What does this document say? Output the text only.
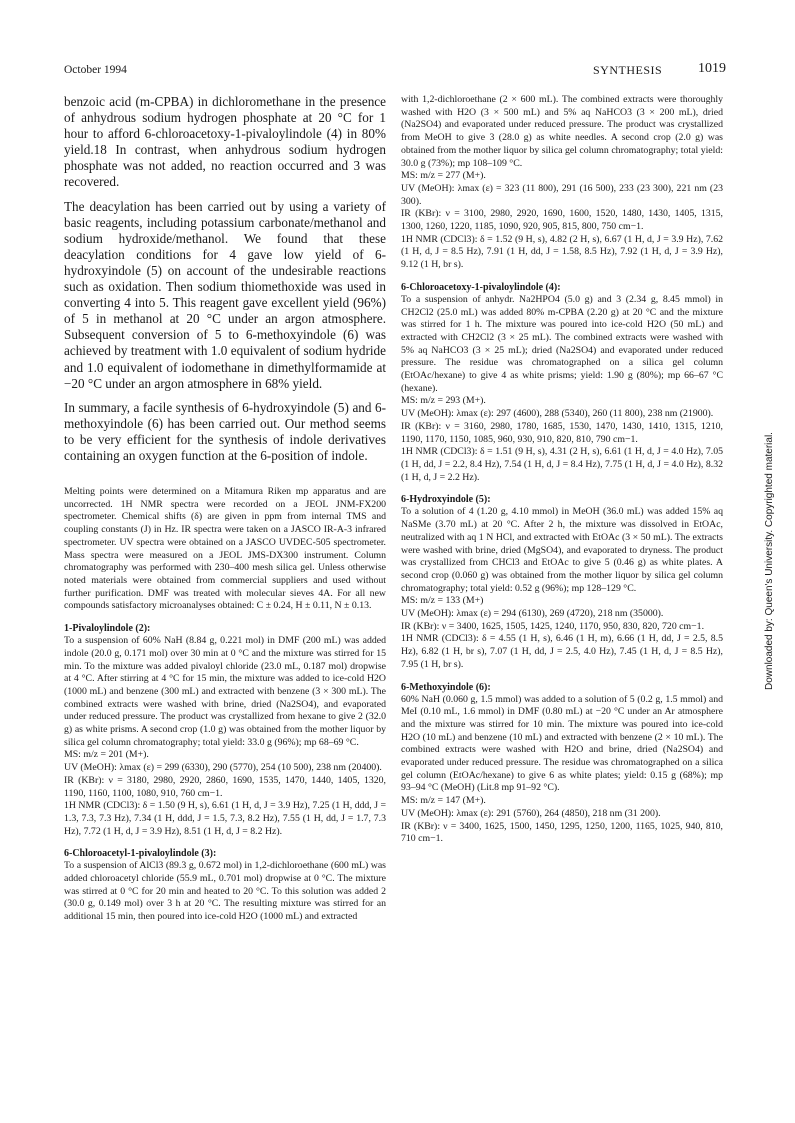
October 1994	SYNTHESIS	1019
Downloaded by: Queen's University. Copyrighted material.

benzoic acid (m-CPBA) in dichloromethane in the presence of anhydrous sodium hydrogen phosphate at 20 °C for 1 hour to afford 6-chloroacetoxy-1-pivaloylindole (4) in 80% yield.18 In contrast, when anhydrous sodium hydrogen phosphate was not added, no reaction occurred and 3 was recovered.

The deacylation has been carried out by using a variety of basic reagents, including potassium carbonate/methanol and sodium hydroxide/methanol. We found that these deacylation conditions for 4 gave low yield of 6-hydroxyindole (5) on account of the undesirable reactions such as oxidation. Then sodium thiomethoxide was used in converting 4 into 5. This reagent gave excellent yield (96%) of 5 in methanol at 20 °C under an argon atmosphere. Subsequent conversion of 5 to 6-methoxyindole (6) was achieved by treatment with 1.0 equivalent of sodium hydride and 1.0 equivalent of iodomethane in dimethylformamide at −20 °C under an argon atmosphere in 68% yield.

In summary, a facile synthesis of 6-hydroxyindole (5) and 6-methoxyindole (6) has been carried out. Our method seems to be very efficient for the synthesis of indole derivatives containing an oxygen function at the 6-position of indole.

Melting points were determined on a Mitamura Riken mp apparatus and are uncorrected. 1H NMR spectra were recorded on a JEOL JNM-FX200 spectrometer. Chemical shifts (δ) are given in ppm from internal TMS and coupling constants (J) in Hz. IR spectra were taken on a JASCO IR-A-3 infrared spectrometer. UV spectra were obtained on a JASCO UVDEC-505 spectrometer. Mass spectra were measured on a JEOL JMS-DX300 instrument. Column chromatography was performed with 230–400 mesh silica gel. Unless otherwise noted materials were obtained from commercial suppliers and used without further purification. DMF was treated with molecular sieves 4A. For all new compounds satisfactory microanalyses obtained: C ± 0.24, H ± 0.11, N ± 0.13.

1-Pivaloylindole (2):

To a suspension of 60% NaH (8.84 g, 0.221 mol) in DMF (200 mL) was added indole (20.0 g, 0.171 mol) over 30 min at 0 °C and the mixture was stirred for 15 min. To the mixture was added pivaloyl chloride (23.0 mL, 0.187 mol) dropwise at 4 °C. After stirring at 4 °C for 15 min, the mixture was added to ice-cold H2O (1000 mL) and benzene (300 mL) and extracted with benzene (3 × 300 mL). The combined extracts were washed with brine, dried (Na2SO4), and evaporated under reduced pressure. The product was crystallized from hexane to give 2 (32.0 g) as white prisms. A second crop (1.0 g) was obtained from the mother liquor by silica gel column chromatography; total yield: 33.0 g (96%); mp 68–69 °C.

MS: m/z = 201 (M+).
UV (MeOH): λmax (ε) = 299 (6330), 290 (5770), 254 (10 500), 238 nm (20400).
IR (KBr): ν = 3180, 2980, 2920, 2860, 1690, 1535, 1470, 1440, 1405, 1320, 1190, 1160, 1100, 1080, 910, 760 cm−1.
1H NMR (CDCl3): δ = 1.50 (9 H, s), 6.61 (1 H, d, J = 3.9 Hz), 7.25 (1 H, ddd, J = 1.3, 7.3, 7.3 Hz), 7.34 (1 H, ddd, J = 1.5, 7.3, 8.2 Hz), 7.55 (1 H, dd, J = 1.7, 7.3 Hz), 7.72 (1 H, d, J = 3.9 Hz), 8.51 (1 H, d, J = 8.2 Hz).
6-Chloroacetyl-1-pivaloylindole (3):

To a suspension of AlCl3 (89.3 g, 0.672 mol) in 1,2-dichloroethane (600 mL) was added chloroacetyl chloride (55.9 mL, 0.701 mol) dropwise at 0 °C. The mixture was stirred at 0 °C for 20 min and heated to 20 °C. To this solution was added 2 (30.0 g, 0.149 mol) over 3 h at 20 °C. The resulting mixture was stirred for an additional 15 min, then poured into ice-cold H2O (1000 mL) and extracted

with 1,2-dichloroethane (2 × 600 mL). The combined extracts were thoroughly washed with H2O (3 × 500 mL) and 5% aq NaHCO3 (3 × 200 mL), dried (Na2SO4) and evaporated under reduced pressure. The product was crystallized from MeOH to give 3 (28.0 g) as white needles. A second crop (2.0 g) was obtained from the mother liquor by silica gel column chromatography; total yield: 30.0 g (73%); mp 108–109 °C.

MS: m/z = 277 (M+).
UV (MeOH): λmax (ε) = 323 (11 800), 291 (16 500), 233 (23 300), 221 nm (23 300).
IR (KBr): ν = 3100, 2980, 2920, 1690, 1600, 1520, 1480, 1430, 1405, 1315, 1300, 1260, 1220, 1185, 1090, 920, 905, 815, 800, 750 cm−1.
1H NMR (CDCl3): δ = 1.52 (9 H, s), 4.82 (2 H, s), 6.67 (1 H, d, J = 3.9 Hz), 7.62 (1 H, d, J = 8.5 Hz), 7.91 (1 H, dd, J = 1.58, 8.5 Hz), 7.92 (1 H, d, J = 3.9 Hz), 9.12 (1 H, br s).
6-Chloroacetoxy-1-pivaloylindole (4):

To a suspension of anhydr. Na2HPO4 (5.0 g) and 3 (2.34 g, 8.45 mmol) in CH2Cl2 (25.0 mL) was added 80% m-CPBA (2.20 g) at 20 °C and the mixture was stirred for 1 h. The mixture was poured into ice-cold H2O (50 mL) and extracted with CH2Cl2 (3 × 25 mL). The combined extracts were washed with 5% aq NaHCO3 (3 × 25 mL); dried (Na2SO4) and evaporated under reduced pressure. The residue was chromatographed on a silica gel column (EtOAc/hexane) to give 4 as white prisms; yield: 1.90 g (80%); mp 66–67 °C (hexane).

MS: m/z = 293 (M+).
UV (MeOH): λmax (ε): 297 (4600), 288 (5340), 260 (11 800), 238 nm (21900).
IR (KBr): ν = 3160, 2980, 1780, 1685, 1530, 1470, 1430, 1410, 1315, 1210, 1190, 1170, 1150, 1085, 960, 930, 910, 820, 810, 790 cm−1.
1H NMR (CDCl3): δ = 1.51 (9 H, s), 4.31 (2 H, s), 6.61 (1 H, d, J = 4.0 Hz), 7.05 (1 H, dd, J = 2.2, 8.4 Hz), 7.54 (1 H, d, J = 8.4 Hz), 7.75 (1 H, d, J = 4.0 Hz), 8.32 (1 H, d, J = 2.2 Hz).
6-Hydroxyindole (5):

To a solution of 4 (1.20 g, 4.10 mmol) in MeOH (36.0 mL) was added 15% aq NaSMe (3.70 mL) at 20 °C. After 2 h, the mixture was dissolved in EtOAc, neutralized with aq 1 N HCl, and extracted with EtOAc (3 × 50 mL). The extracts were washed with brine, dried (MgSO4), and evaporated to dryness. The product was crystallized from CHCl3 and EtOAc to give 5 (0.46 g) as white plates. A second crop (0.060 g) was obtained from the mother liquor by silica gel column chromatography; total yield: 0.52 g (96%); mp 128–129 °C.

MS: m/z = 133 (M+)
UV (MeOH): λmax (ε) = 294 (6130), 269 (4720), 218 nm (35000).
IR (KBr): ν = 3400, 1625, 1505, 1425, 1240, 1170, 950, 830, 820, 720 cm−1.
1H NMR (CDCl3): δ = 4.55 (1 H, s), 6.46 (1 H, m), 6.66 (1 H, dd, J = 2.5, 8.5 Hz), 6.82 (1 H, br s), 7.07 (1 H, dd, J = 2.5, 4.0 Hz), 7.45 (1 H, d, J = 8.5 Hz), 7.95 (1 H, br s).
6-Methoxyindole (6):

60% NaH (0.060 g, 1.5 mmol) was added to a solution of 5 (0.2 g, 1.5 mmol) and MeI (0.10 mL, 1.6 mmol) in DMF (0.80 mL) at −20 °C under an Ar atmosphere and the mixture was stirred for 10 min. The mixture was poured into ice-cold H2O (10 mL) and benzene (10 mL) and extracted with benzene (2 × 10 mL). The combined extracts were washed with H2O and brine, dried (Na2SO4) and evaporated under reduced pressure. The residue was chromatographed on a silica gel column (EtOAc/hexane) to give 6 as white plates; yield: 0.15 g (68%); mp 93–94 °C (MeOH) (Lit.8 mp 91–92 °C).

MS: m/z = 147 (M+).
UV (MeOH): λmax (ε): 291 (5760), 264 (4850), 218 nm (31 200).
IR (KBr): ν = 3400, 1625, 1500, 1450, 1295, 1250, 1200, 1165, 1025, 940, 810, 710 cm−1.
